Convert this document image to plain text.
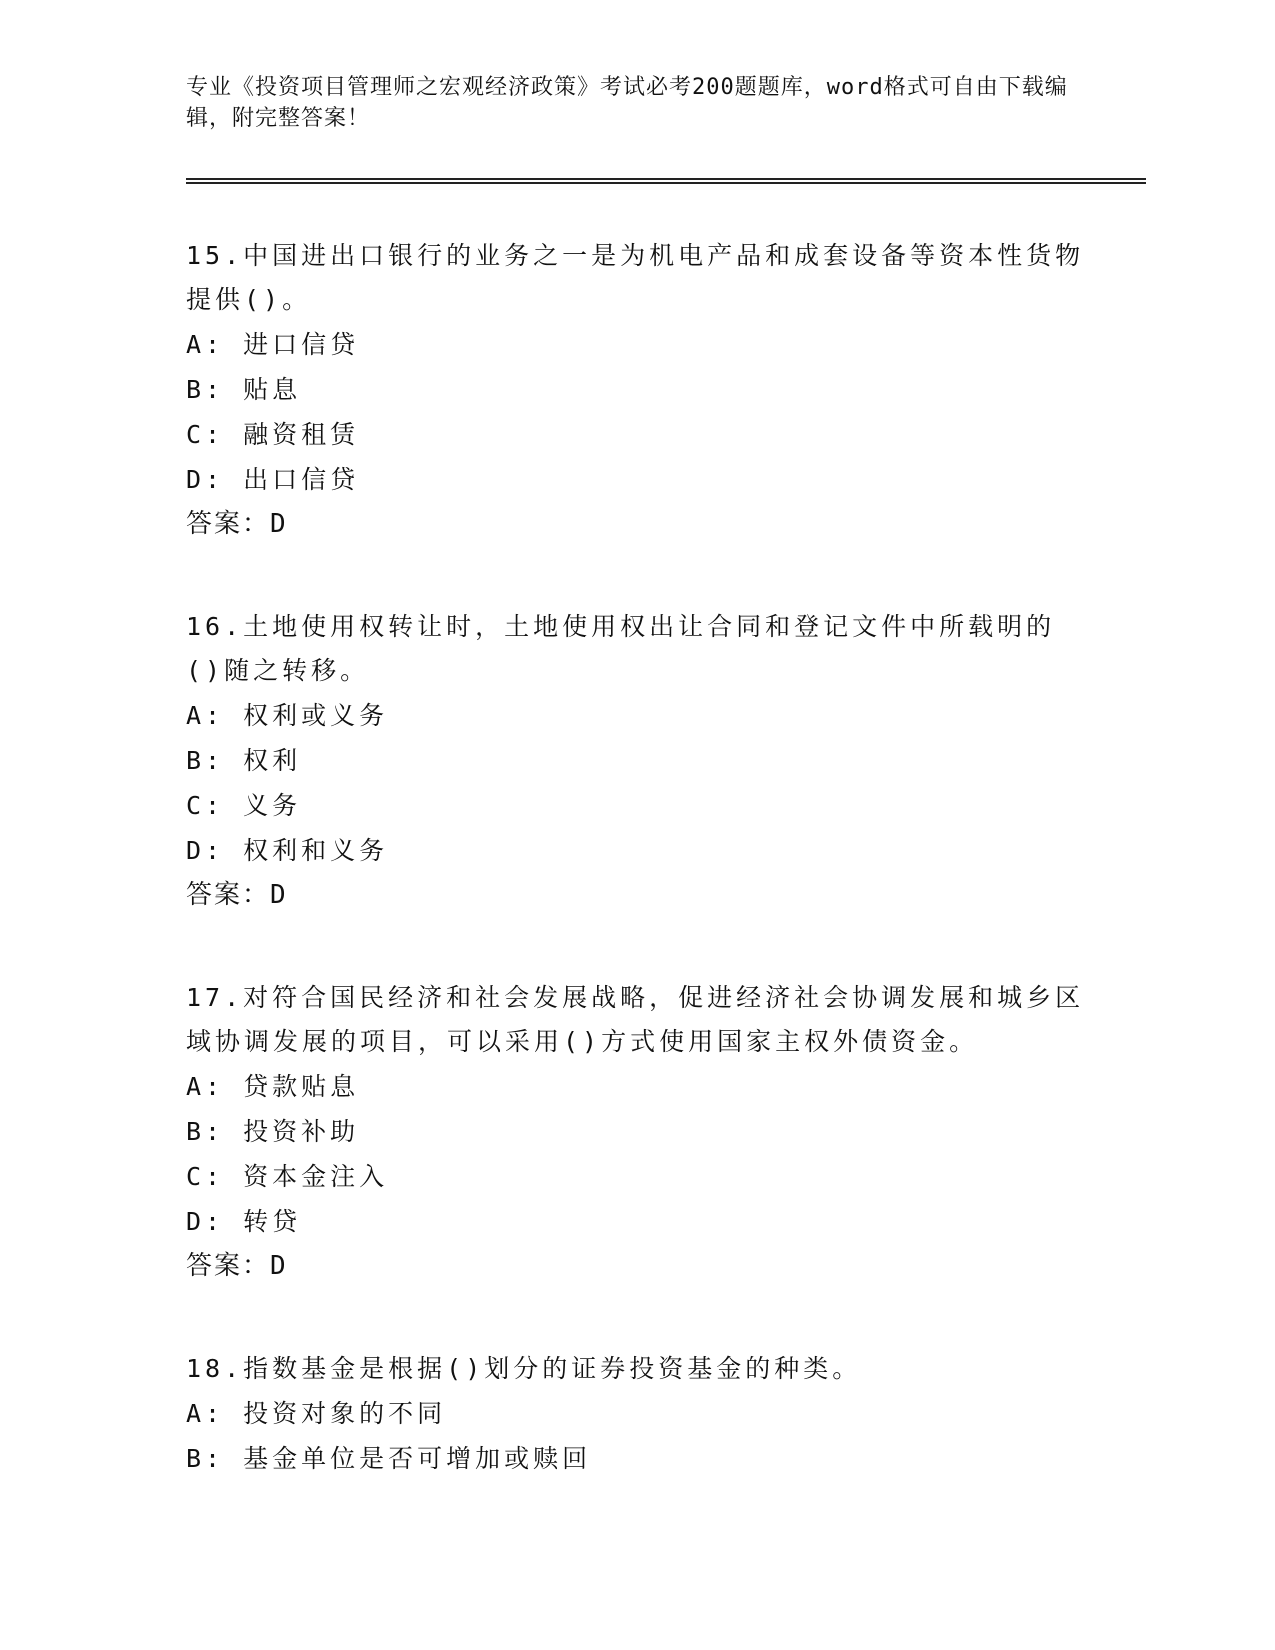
专业《投资项目管理师之宏观经济政策》考试必考200题题库，word格式可自由下载编辑，附完整答案！

15.中国进出口银行的业务之一是为机电产品和成套设备等资本性货物提供()。

A: 进口信贷

B: 贴息

C: 融资租赁

D: 出口信贷

答案：D

16.土地使用权转让时，土地使用权出让合同和登记文件中所载明的()随之转移。

A: 权利或义务

B: 权利

C: 义务

D: 权利和义务

答案：D

17.对符合国民经济和社会发展战略，促进经济社会协调发展和城乡区域协调发展的项目，可以采用()方式使用国家主权外债资金。

A: 贷款贴息

B: 投资补助

C: 资本金注入

D: 转贷

答案：D

18.指数基金是根据()划分的证券投资基金的种类。

A: 投资对象的不同

B: 基金单位是否可增加或赎回
